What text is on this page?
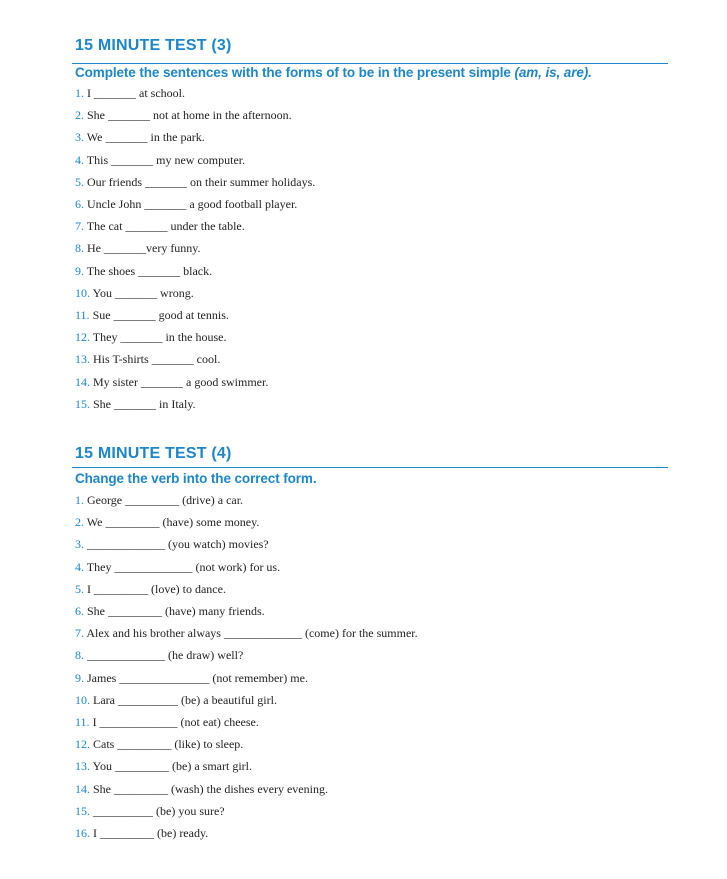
15 MINUTE TEST (3)
Complete the sentences with the forms of to be in the present simple (am, is, are).
1. I _______ at school.
2. She _______ not at home in the afternoon.
3. We _______ in the park.
4. This _______ my new computer.
5. Our friends _______ on their summer holidays.
6. Uncle John _______ a good football player.
7. The cat _______ under the table.
8. He _______very funny.
9. The shoes _______ black.
10. You _______ wrong.
11. Sue _______ good at tennis.
12. They _______ in the house.
13. His T-shirts _______ cool.
14. My sister _______ a good swimmer.
15. She _______ in Italy.
15 MINUTE TEST (4)
Change the verb into the correct form.
1. George _________ (drive) a car.
2. We _________ (have) some money.
3. _____________ (you watch) movies?
4. They _____________ (not work) for us.
5. I _________ (love) to dance.
6. She _________ (have) many friends.
7. Alex and his brother always _____________ (come) for the summer.
8. _____________ (he draw) well?
9. James _______________ (not remember) me.
10. Lara __________ (be) a beautiful girl.
11. I _____________ (not eat) cheese.
12. Cats _________ (like) to sleep.
13. You _________ (be) a smart girl.
14. She _________ (wash) the dishes every evening.
15. __________ (be) you sure?
16. I _________ (be) ready.
